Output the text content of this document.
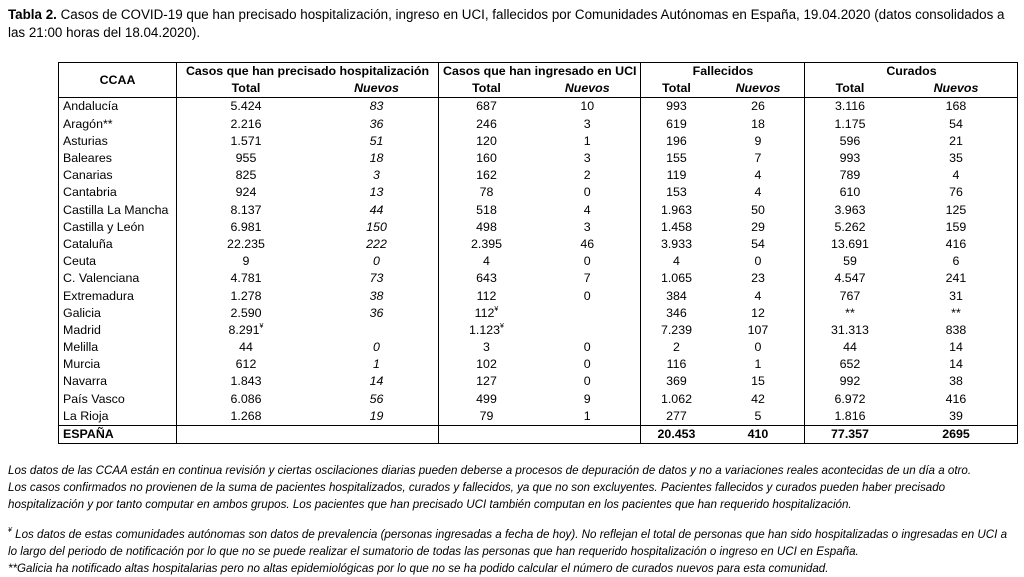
Tabla 2. Casos de COVID-19 que han precisado hospitalización, ingreso en UCI, fallecidos por Comunidades Autónomas en España, 19.04.2020 (datos consolidados a las 21:00 horas del 18.04.2020).
CCAA	Casos que han precisado hospitalización		Casos que han ingresado en UCI		Fallecidos		Curados	
	Total	Nuevos	Total	Nuevos	Total	Nuevos	Total	Nuevos
Andalucía	5.424	83	687	10	993	26	3.116	168
Aragón**	2.216	36	246	3	619	18	1.175	54
Asturias	1.571	51	120	1	196	9	596	21
Baleares	955	18	160	3	155	7	993	35
Canarias	825	3	162	2	119	4	789	4
Cantabria	924	13	78	0	153	4	610	76
Castilla La Mancha	8.137	44	518	4	1.963	50	3.963	125
Castilla y León	6.981	150	498	3	1.458	29	5.262	159
Cataluña	22.235	222	2.395	46	3.933	54	13.691	416
Ceuta	9	0	4	0	4	0	59	6
C. Valenciana	4.781	73	643	7	1.065	23	4.547	241
Extremadura	1.278	38	112	0	384	4	767	31
Galicia	2.590	36	112¥		346	12	**	**
Madrid	8.291¥		1.123¥		7.239	107	31.313	838
Melilla	44	0	3	0	2	0	44	14
Murcia	612	1	102	0	116	1	652	14
Navarra	1.843	14	127	0	369	15	992	38
País Vasco	6.086	56	499	9	1.062	42	6.972	416
La Rioja	1.268	19	79	1	277	5	1.816	39
ESPAÑA					20.453	410	77.357	2695

Los datos de las CCAA están en continua revisión y ciertas oscilaciones diarias pueden deberse a procesos de depuración de datos y no a variaciones reales acontecidas de un día a otro.

Los casos confirmados no provienen de la suma de pacientes hospitalizados, curados y fallecidos, ya que no son excluyentes. Pacientes fallecidos y curados pueden haber precisado hospitalización y por tanto computar en ambos grupos. Los pacientes que han precisado UCI también computan en los pacientes que han requerido hospitalización.

¥ Los datos de estas comunidades autónomas son datos de prevalencia (personas ingresadas a fecha de hoy). No reflejan el total de personas que han sido hospitalizadas o ingresadas en UCI a lo largo del periodo de notificación por lo que no se puede realizar el sumatorio de todas las personas que han requerido hospitalización o ingreso en UCI en España.

**Galicia ha notificado altas hospitalarias pero no altas epidemiológicas por lo que no se ha podido calcular el número de curados nuevos para esta comunidad.
